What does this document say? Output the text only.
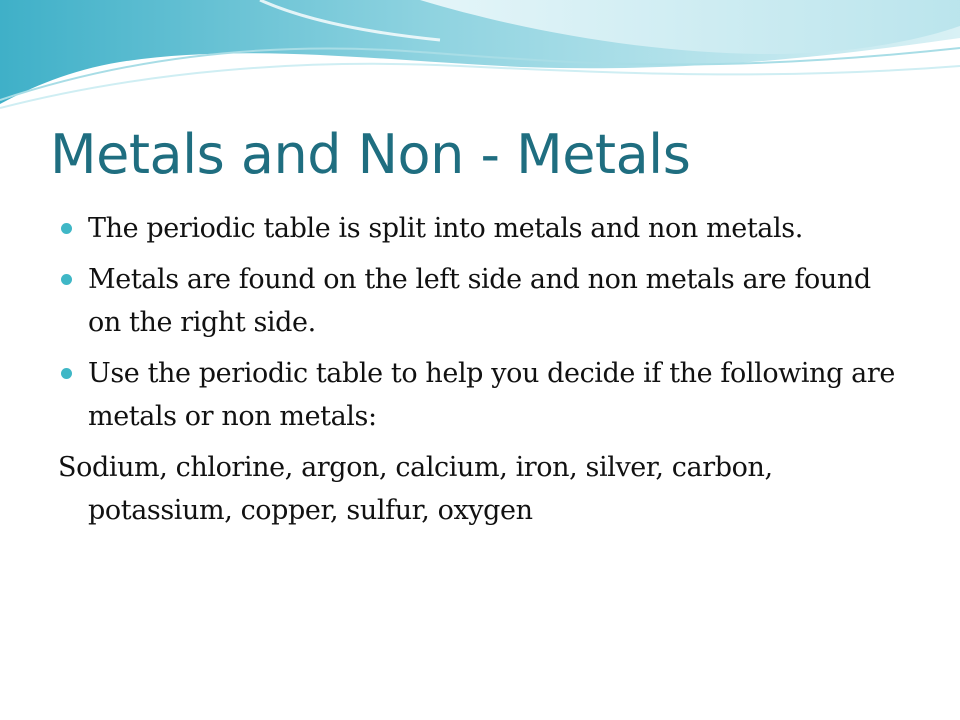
Metals and Non - Metals
The periodic table is split into metals and non metals.
Metals are found on the left side and non metals are found on the right side.
Use the periodic table to help you decide if the following are metals or non metals:

Sodium, chlorine, argon, calcium, iron, silver, carbon, potassium, copper, sulfur, oxygen
